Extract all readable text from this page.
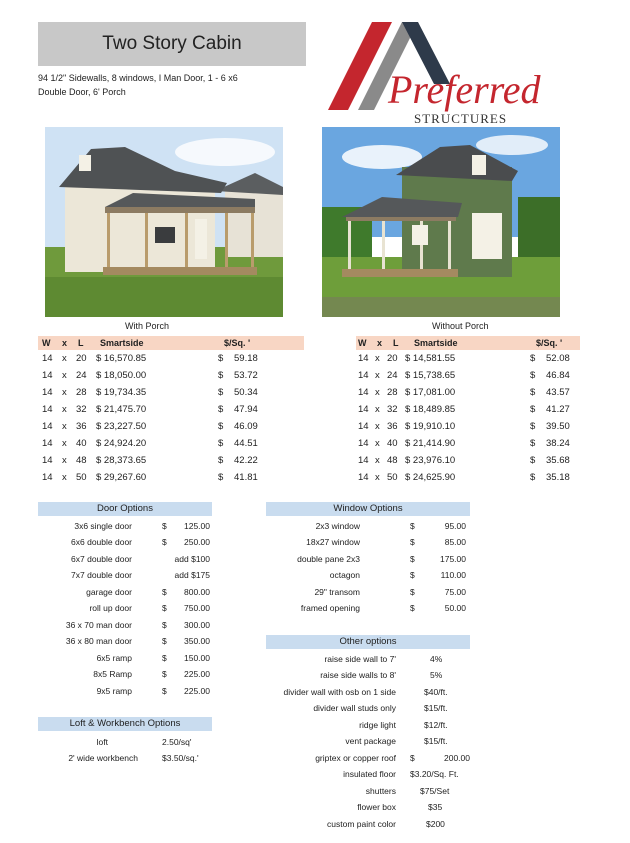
Two Story Cabin
94 1/2" Sidewalls, 8 windows, I Man Door, 1 - 6 x6
Double Door, 6' Porch	Preferred
STRUCTURES
With Porch	Without Porch
W x L Smartside	$/Sq. '	W x L Smartside	$/Sq. '
14 x 20 $ 16,570.85	$ 59.18
14 x 24 $ 18,050.00	$ 53.72
14 x 28 $ 19,734.35	$ 50.34
14 x 32 $ 21,475.70	$ 47.94
14 x 36 $ 23,227.50	$ 46.09
14 x 40 $ 24,924.20	$ 44.51
14 x 48 $ 28,373.65	$ 42.22
14 x 50 $ 29,267.60	$ 41.81
14 x 20 $ 14,581.55	$ 52.08
14 x 24 $ 15,738.65	$ 46.84
14 x 28 $ 17,081.00	$ 43.57
14 x 32 $ 18,489.85	$ 41.27
14 x 36 $ 19,910.10	$ 39.50
14 x 40 $ 21,414.90	$ 38.24
14 x 48 $ 23,976.10	$ 35.68
14 x 50 $ 24,625.90	$ 35.18
Door Options
3x6 single door	$ 125.00
6x6 double door	$ 250.00
6x7 double door	add $100
7x7 double door	add $175
garage door	$ 800.00
roll up door	$ 750.00
36 x 70 man door	$ 300.00
36 x 80 man door	$ 350.00
6x5 ramp	$ 150.00
8x5 Ramp	$ 225.00
9x5 ramp	$ 225.00
Loft & Workbench Options
loft	2.50/sq'
2' wide workbench	$3.50/sq.'
Window Options
2x3 window	$	95.00
18x27 window	$	85.00
double pane 2x3	$	175.00
octagon	$	110.00
29" transom	$	75.00
framed opening	$	50.00
Other options
raise side wall to 7'	4%
raise side walls to 8'	5%
divider wall with osb on 1 side	$40/ft.
divider wall studs only	$15/ft.
ridge light	$12/ft.
vent package	$15/ft.
griptex or copper roof $	200.00
insulated floor $3.20/Sq. Ft.
shutters	$75/Set
flower box	$35
custom paint color	$200
